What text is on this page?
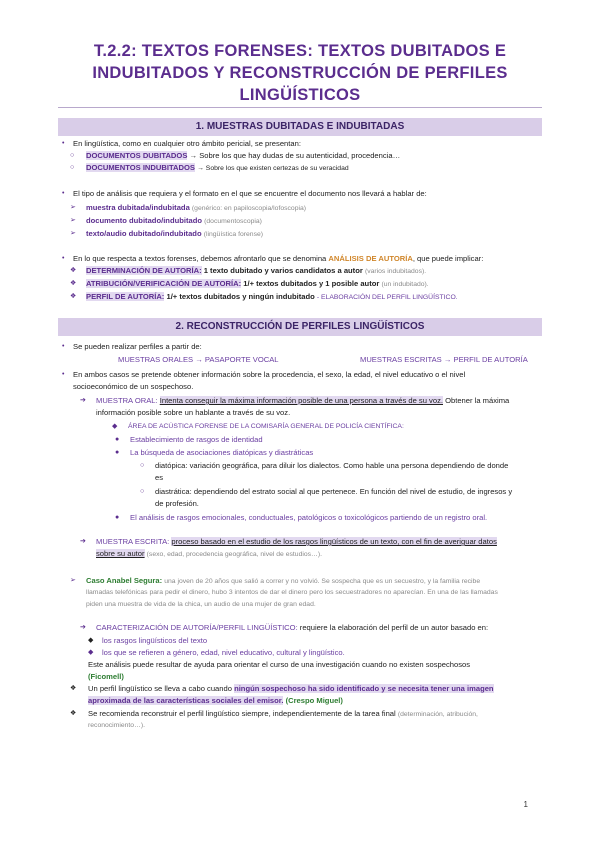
T.2.2: TEXTOS FORENSES: TEXTOS DUBITADOS E
INDUBITADOS Y RECONSTRUCCIÓN DE PERFILES
LINGÜÍSTICOS
1. MUESTRAS DUBITADAS E INDUBITADAS
• En lingüística, como en cualquier otro ámbito pericial, se presentan:
○ DOCUMENTOS DUBITADOS → Sobre los que hay dudas de su autenticidad, procedencia…
○ DOCUMENTOS INDUBITADOS → Sobre los que existen certezas de su veracidad
• El tipo de análisis que requiera y el formato en el que se encuentre el documento nos llevará a hablar de:
➢ muestra dubitada/indubitada (genérico: en papiloscopia/lofoscopia)
➢ documento dubitado/indubitado (documentoscopia)
➢ texto/audio dubitado/indubitado (lingüística forense)
• En lo que respecta a textos forenses, debemos afrontarlo que se denomina ANÁLISIS DE AUTORÍA, que puede implicar:
❖ DETERMINACIÓN DE AUTORÍA: 1 texto dubitado y varios candidatos a autor (varios indubitados).
❖ ATRIBUCIÓN/VERIFICACIÓN DE AUTORÍA: 1/+ textos dubitados y 1 posible autor (un indubitado).
❖ PERFIL DE AUTORÍA: 1/+ textos dubitados y ningún indubitado - ELABORACIÓN DEL PERFIL LINGÜÍSTICO.
2. RECONSTRUCCIÓN DE PERFILES LINGÜÍSTICOS
• Se pueden realizar perfiles a partir de:
MUESTRAS ORALES → PASAPORTE VOCAL	MUESTRAS ESCRITAS → PERFIL DE AUTORÍA
• En ambos casos se pretende obtener información sobre la procedencia, el sexo, la edad, el nivel educativo o el nivel
socioeconómico de un sospechoso.
➔ MUESTRA ORAL: Intenta conseguir la máxima información posible de una persona a través de su voz. Obtener la máxima
información posible sobre un hablante a través de su voz.
◆ ÁREA DE ACÚSTICA FORENSE DE LA COMISARÍA GENERAL DE POLICÍA CIENTÍFICA:
● Establecimiento de rasgos de identidad
● La búsqueda de asociaciones diatópicas y diastráticas
○ diatópica: variación geográfica, para diluir los dialectos. Como hable una persona dependiendo de donde
es
○ diastrática: dependiendo del estrato social al que pertenece. En función del nivel de estudio, de ingresos y
de profesión.
● El análisis de rasgos emocionales, conductuales, patológicos o toxicológicos partiendo de un registro oral.
➔ MUESTRA ESCRITA: proceso basado en el estudio de los rasgos lingüísticos de un texto, con el fin de averiguar datos
sobre su autor (sexo, edad, procedencia geográfica, nivel de estudios…).
➢ Caso Anabel Segura: una joven de 20 años que salió a correr y no volvió. Se sospecha que es un secuestro, y la familia recibe
llamadas telefónicas para pedir el dinero, hubo 3 intentos de dar el dinero pero los secuestradores no aparecían. En una de las llamadas
piden una muestra de vida de la chica, un audio de una mujer de gran edad.
➔ CARACTERIZACIÓN DE AUTORÍA/PERFIL LINGÜÍSTICO: requiere la elaboración del perfil de un autor basado en:
◆ los rasgos lingüísticos del texto
◆ los que se refieren a género, edad, nivel educativo, cultural y lingüístico.
Este análisis puede resultar de ayuda para orientar el curso de una investigación cuando no existen sospechosos
(Ficomell)
❖ Un perfil lingüístico se lleva a cabo cuando ningún sospechoso ha sido identificado y se necesita tener una imagen
aproximada de las características sociales del emisor. (Crespo Miguel)
❖ Se recomienda reconstruir el perfil lingüístico siempre, independientemente de la tarea final (determinación, atribución,
reconocimiento…).
1
